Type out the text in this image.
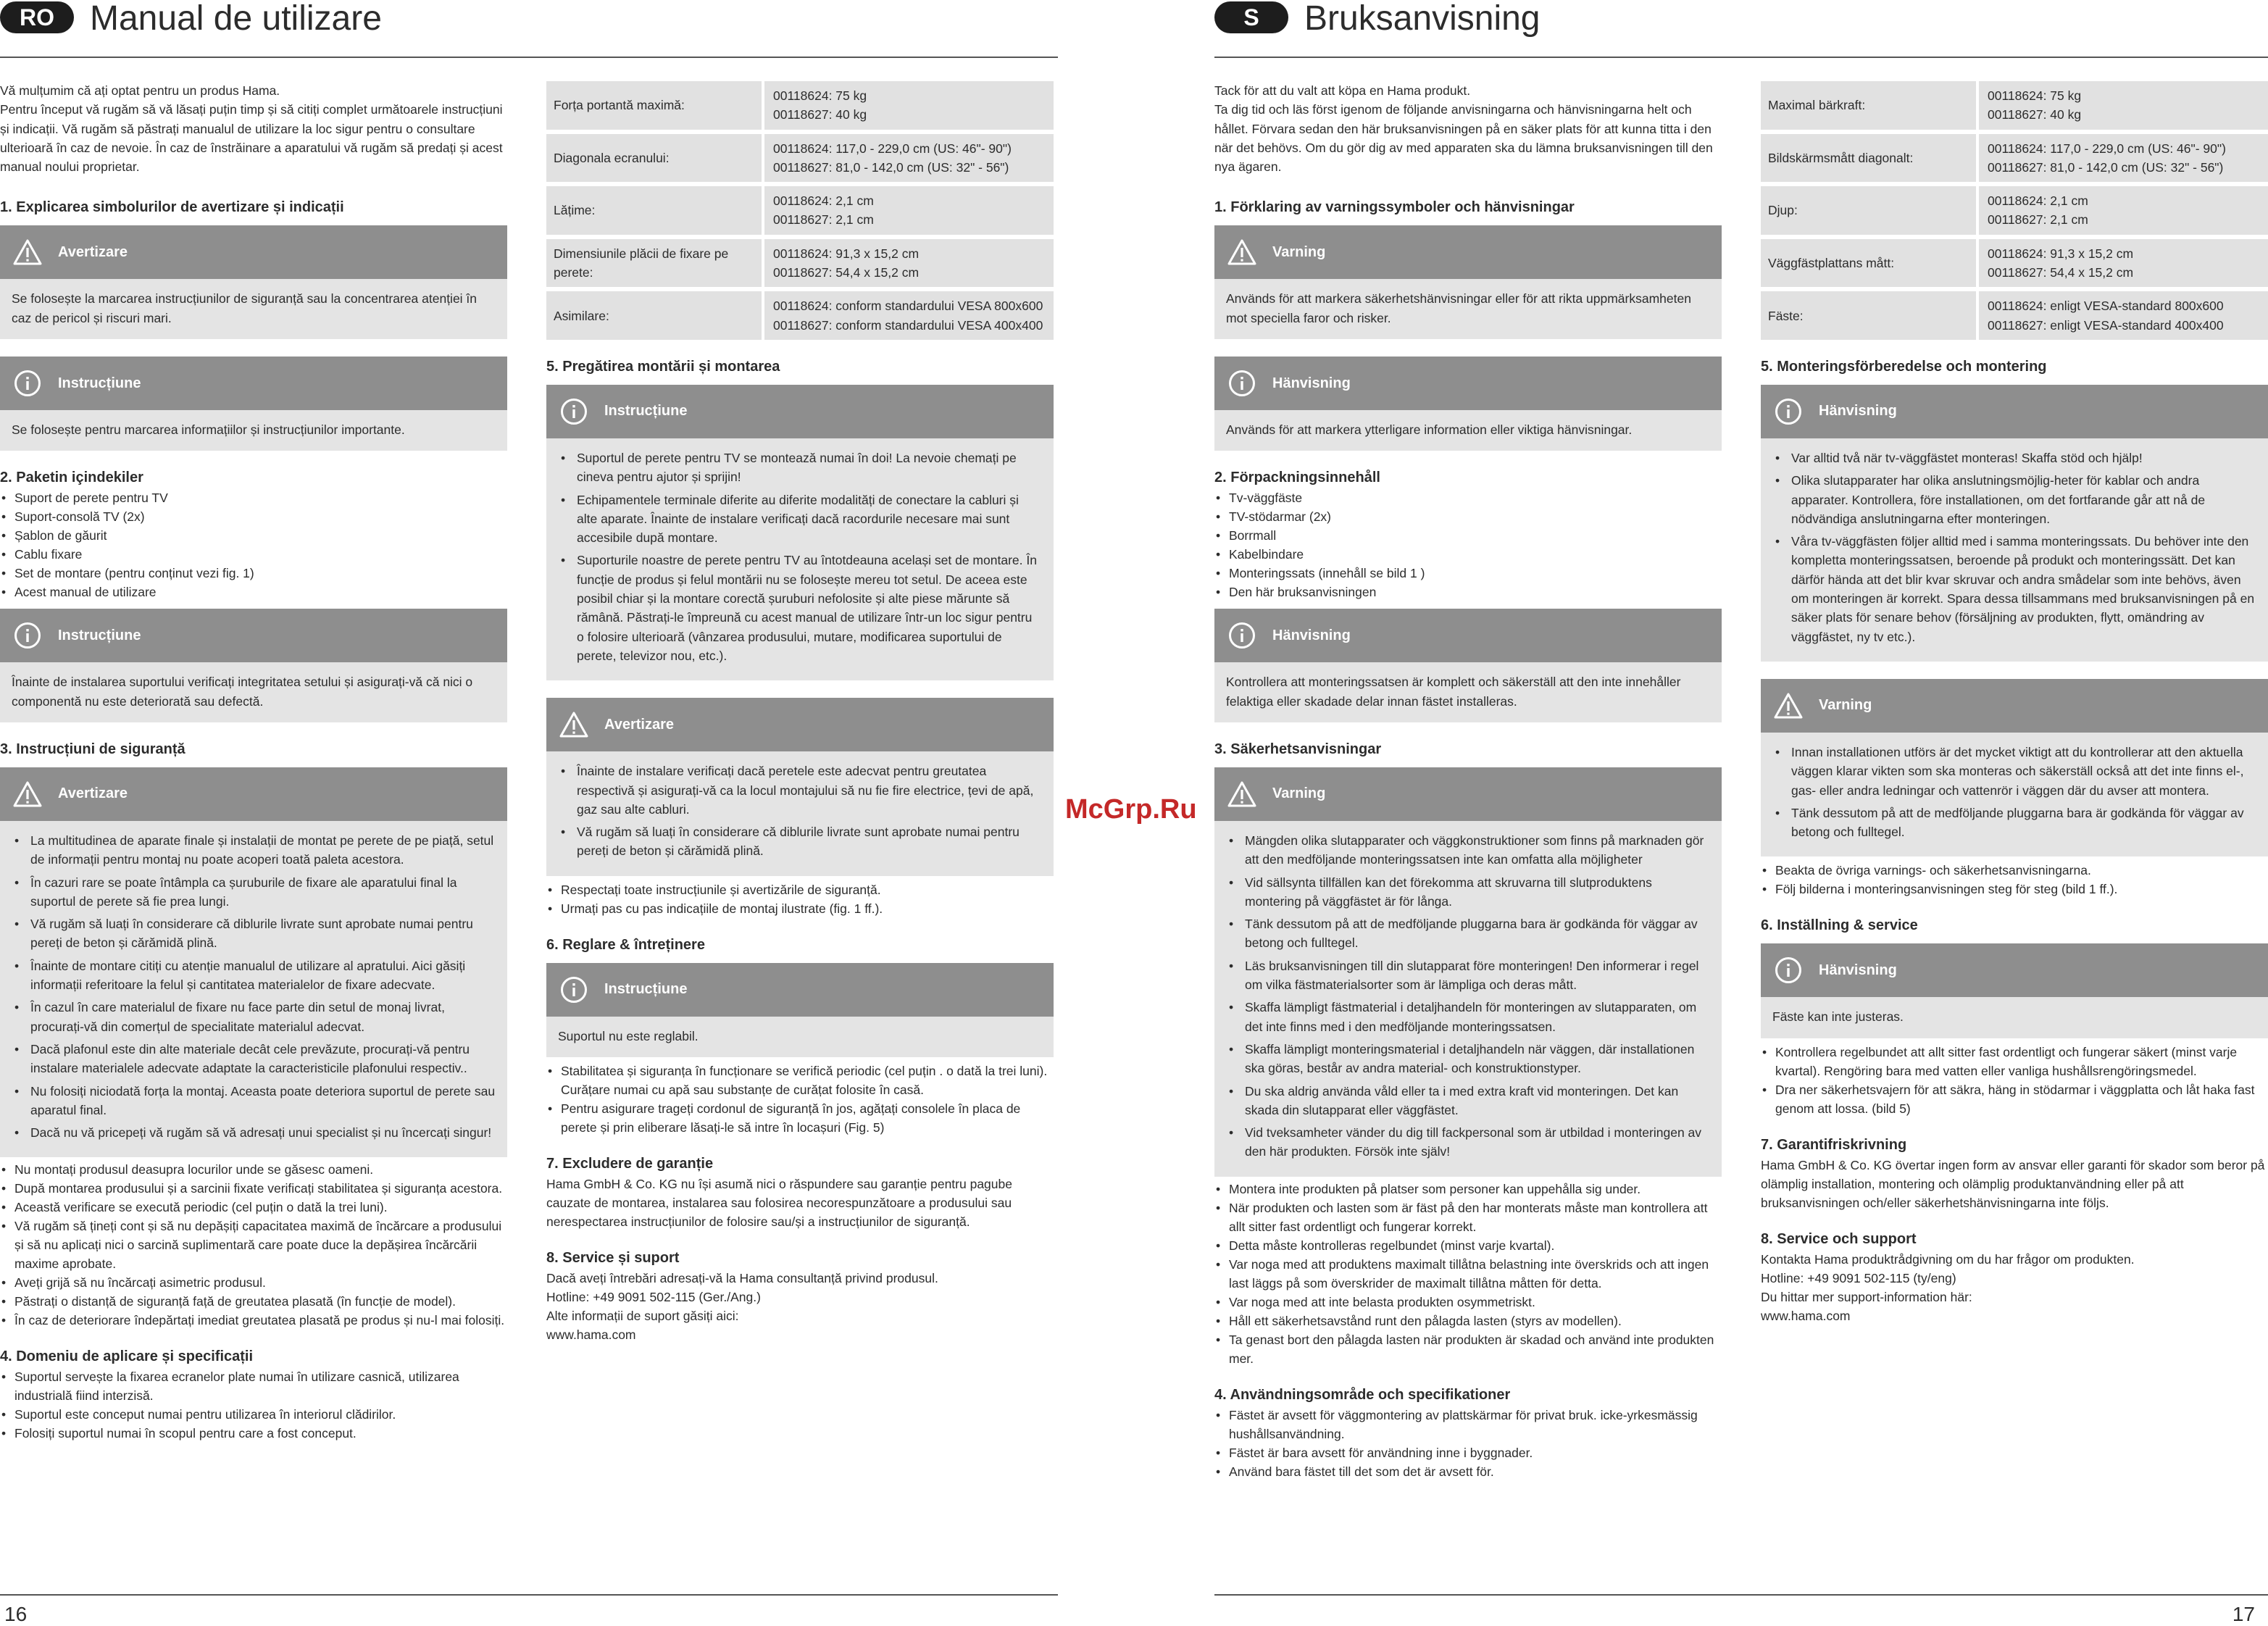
RO	Manual de utilizare

Vă mulțumim că ați optat pentru un produs Hama.
Pentru început vă rugăm să vă lăsați puțin timp și să citiți complet următoarele instrucțiuni și indicații. Vă rugăm să păstrați manualul de utilizare la loc sigur pentru o consultare ulterioară în caz de nevoie. În caz de înstrăinare a aparatului vă rugăm să predați și acest manual noului proprietar.

1. Explicarea simbolurilor de avertizare și indicații
Avertizare
Se folosește la marcarea instrucțiunilor de siguranță sau la concentrarea atenției în caz de pericol și riscuri mari.
Instrucțiune
Se folosește pentru marcarea informațiilor și instrucțiunilor importante.
2. Paketin içindekiler
• Suport de perete pentru TV
• Suport-consolă TV (2x)
• Șablon de găurit
• Cablu fixare
• Set de montare (pentru conținut vezi fig. 1)
• Acest manual de utilizare
Instrucțiune
Înainte de instalarea suportului verificați integritatea setului și asigurați-vă că nici o componentă nu este deteriorată sau defectă.
3. Instrucțiuni de siguranță
Avertizare
• La multitudinea de aparate finale și instalații de montat pe perete de pe piață, setul de informații pentru montaj nu poate acoperi toată paleta acestora.
• În cazuri rare se poate întâmpla ca șuruburile de fixare ale aparatului final la suportul de perete să fie prea lungi.
• Vă rugăm să luați în considerare că diblurile livrate sunt aprobate numai pentru pereți de beton și cărămidă plină.
• Înainte de montare citiți cu atenție manualul de utilizare al apratului. Aici găsiți informații referitoare la felul și cantitatea materialelor de fixare adecvate.
• În cazul în care materialul de fixare nu face parte din setul de monaj livrat, procurați-vă din comerțul de specialitate materialul adecvat.
• Dacă plafonul este din alte materiale decât cele prevăzute, procurați-vă pentru instalare materialele adecvate adaptate la caracteristicile plafonului respectiv..
• Nu folosiți niciodată forța la montaj. Aceasta poate deteriora suportul de perete sau aparatul final.
• Dacă nu vă pricepeți vă rugăm să vă adresați unui specialist și nu încercați singur!
• Nu montați produsul deasupra locurilor unde se găsesc oameni.
• După montarea produsului și a sarcinii fixate verificați stabilitatea și siguranța acestora.
• Această verificare se execută periodic (cel puțin o dată la trei luni).
• Vă rugăm să țineți cont și să nu depășiți capacitatea maximă de încărcare a produsului și să nu aplicați nici o sarcină suplimentară care poate duce la depășirea încărcării maxime aprobate.
• Aveți grijă să nu încărcați asimetric produsul.
• Păstrați o distanță de siguranță față de greutatea plasată (în funcție de model).
• În caz de deteriorare îndepărtați imediat greutatea plasată pe produs și nu-l mai folosiți.
4. Domeniu de aplicare și specificații
• Suportul servește la fixarea ecranelor plate numai în utilizare casnică, utilizarea industrială fiind interzisă.
• Suportul este conceput numai pentru utilizarea în interiorul clădirilor.
• Folosiți suportul numai în scopul pentru care a fost conceput.
Forța portantă maximă:	00118624: 75 kg
00118627: 40 kg

Diagonala ecranului:	00118624: 117,0 - 229,0 cm (US: 46"- 90")
00118627: 81,0 - 142,0 cm (US: 32" - 56")

Lățime:	00118624: 2,1 cm
00118627: 2,1 cm

Dimensiunile plăcii de fixare pe perete:	00118624: 91,3 x 15,2 cm
00118627: 54,4 x 15,2 cm

Asimilare:	00118624: conform standardului VESA 800x600
00118627: conform standardului VESA 400x400
5. Pregătirea montării și montarea
Instrucțiune
• Suportul de perete pentru TV se montează numai în doi! La nevoie chemați pe cineva pentru ajutor și sprijin!
• Echipamentele terminale diferite au diferite modalități de conectare la cabluri și alte aparate. Înainte de instalare verificați dacă racordurile necesare mai sunt accesibile după montare.
• Suporturile noastre de perete pentru TV au întotdeauna același set de montare. În funcție de produs și felul montării nu se folosește mereu tot setul. De aceea este posibil chiar și la montare corectă șuruburi nefolosite și alte piese mărunte să rămână. Păstrați-le împreună cu acest manual de utilizare într-un loc sigur pentru o folosire ulterioară (vânzarea produsului, mutare, modificarea suportului de perete, televizor nou, etc.).
Avertizare
• Înainte de instalare verificați dacă peretele este adecvat pentru greutatea respectivă și asigurați-vă ca la locul montajului să nu fie fire electrice, țevi de apă, gaz sau alte cabluri.
• Vă rugăm să luați în considerare că diblurile livrate sunt aprobate numai pentru pereți de beton și cărămidă plină.
• Respectați toate instrucțiunile și avertizările de siguranță.
• Urmați pas cu pas indicațiile de montaj ilustrate (fig. 1 ff.).
6. Reglare & întreținere
Instrucțiune
Suportul nu este reglabil.
• Stabilitatea și siguranța în funcționare se verifică periodic (cel puțin . o dată la trei luni). Curățare numai cu apă sau substanțe de curățat folosite în casă.
• Pentru asigurare trageți cordonul de siguranță în jos, agățați consolele în placa de perete și prin eliberare lăsați-le să intre în locașuri (Fig. 5)
7. Excludere de garanție

Hama GmbH & Co. KG nu își asumă nici o răspundere sau garanție pentru pagube cauzate de montarea, instalarea sau folosirea necorespunzătoare a produsului sau nerespectarea instrucțiunilor de folosire sau/și a instrucțiunilor de siguranță.

8. Service și suport

Dacă aveți întrebări adresați-vă la Hama consultanță privind produsul.
Hotline: +49 9091 502-115 (Ger./Ang.)
Alte informații de suport găsiți aici:
www.hama.com

16
S	Bruksanvisning

Tack för att du valt att köpa en Hama produkt.
Ta dig tid och läs först igenom de följande anvisningarna och hänvisningarna helt och hållet. Förvara sedan den här bruksanvisningen på en säker plats för att kunna titta i den när det behövs. Om du gör dig av med apparaten ska du lämna bruksanvisningen till den nya ägaren.

1. Förklaring av varningssymboler och hänvisningar
Varning
Används för att markera säkerhetshänvisningar eller för att rikta uppmärksamheten mot speciella faror och risker.
Hänvisning
Används för att markera ytterligare information eller viktiga hänvisningar.
2. Förpackningsinnehåll
• Tv-väggfäste
• TV-stödarmar (2x)
• Borrmall
• Kabelbindare
• Monteringssats (innehåll se bild 1 )
• Den här bruksanvisningen
Hänvisning
Kontrollera att monteringssatsen är komplett och säkerställ att den inte innehåller felaktiga eller skadade delar innan fästet installeras.
3. Säkerhetsanvisningar
Varning
• Mängden olika slutapparater och väggkonstruktioner som finns på marknaden gör att den medföljande monteringssatsen inte kan omfatta alla möjligheter
• Vid sällsynta tillfällen kan det förekomma att skruvarna till slutproduktens montering på väggfästet är för långa.
• Tänk dessutom på att de medföljande pluggarna bara är godkända för väggar av betong och fulltegel.
• Läs bruksanvisningen till din slutapparat före monteringen! Den informerar i regel om vilka fästmaterialsorter som är lämpliga och deras mått.
• Skaffa lämpligt fästmaterial i detaljhandeln för monteringen av slutapparaten, om det inte finns med i den medföljande monteringssatsen.
• Skaffa lämpligt monteringsmaterial i detaljhandeln när väggen, där installationen ska göras, består av andra material- och konstruktionstyper.
• Du ska aldrig använda våld eller ta i med extra kraft vid monteringen. Det kan skada din slutapparat eller väggfästet.
• Vid tveksamheter vänder du dig till fackpersonal som är utbildad i monteringen av den här produkten. Försök inte själv!
• Montera inte produkten på platser som personer kan uppehålla sig under.
• När produkten och lasten som är fäst på den har monterats måste man kontrollera att allt sitter fast ordentligt och fungerar korrekt.
• Detta måste kontrolleras regelbundet (minst varje kvartal).
• Var noga med att produktens maximalt tillåtna belastning inte överskrids och att ingen last läggs på som överskrider de maximalt tillåtna måtten för detta.
• Var noga med att inte belasta produkten osymmetriskt.
• Håll ett säkerhetsavstånd runt den pålagda lasten (styrs av modellen).
• Ta genast bort den pålagda lasten när produkten är skadad och använd inte produkten mer.
4. Användningsområde och specifikationer
• Fästet är avsett för väggmontering av plattskärmar för privat bruk. icke-yrkesmässig hushållsanvändning.
• Fästet är bara avsett för användning inne i byggnader.
• Använd bara fästet till det som det är avsett för.
Maximal bärkraft:	00118624: 75 kg
00118627: 40 kg

Bildskärmsmått diagonalt:	00118624: 117,0 - 229,0 cm (US: 46"- 90")
00118627: 81,0 - 142,0 cm (US: 32" - 56")

Djup:	00118624: 2,1 cm
00118627: 2,1 cm

Väggfästplattans mått:	00118624: 91,3 x 15,2 cm
00118627: 54,4 x 15,2 cm

Fäste:	00118624: enligt VESA-standard 800x600
00118627: enligt VESA-standard 400x400
5. Monteringsförberedelse och montering
Hänvisning
• Var alltid två när tv-väggfästet monteras! Skaffa stöd och hjälp!
• Olika slutapparater har olika anslutningsmöjlig-heter för kablar och andra apparater. Kontrollera, före installationen, om det fortfarande går att nå de nödvändiga anslutningarna efter monteringen.
• Våra tv-väggfästen följer alltid med i samma monteringssats. Du behöver inte den kompletta monteringssatsen, beroende på produkt och monteringssätt. Det kan därför hända att det blir kvar skruvar och andra smådelar som inte behövs, även om monteringen är korrekt. Spara dessa tillsammans med bruksanvisningen på en säker plats för senare behov (försäljning av produkten, flytt, omändring av väggfästet, ny tv etc.).
Varning
• Innan installationen utförs är det mycket viktigt att du kontrollerar att den aktuella väggen klarar vikten som ska monteras och säkerställ också att det inte finns el-, gas- eller andra ledningar och vattenrör i väggen där du avser att montera.
• Tänk dessutom på att de medföljande pluggarna bara är godkända för väggar av betong och fulltegel.
• Beakta de övriga varnings- och säkerhetsanvisningarna.
• Följ bilderna i monteringsanvisningen steg för steg (bild 1 ff.).
6. Inställning & service
Hänvisning
Fäste kan inte justeras.
• Kontrollera regelbundet att allt sitter fast ordentligt och fungerar säkert (minst varje kvartal). Rengöring bara med vatten eller vanliga hushållsrengöringsmedel.
• Dra ner säkerhetsvajern för att säkra, häng in stödarmar i väggplatta och låt haka fast genom att lossa. (bild 5)
7. Garantifriskrivning

Hama GmbH & Co. KG övertar ingen form av ansvar eller garanti för skador som beror på olämplig installation, montering och olämplig produktanvändning eller på att bruksanvisningen och/eller säkerhetshänvisningarna inte följs.

8. Service och support

Kontakta Hama produktrådgivning om du har frågor om produkten.
Hotline: +49 9091 502-115 (ty/eng)
Du hittar mer support-information här:
www.hama.com

17
McGrp.Ru
